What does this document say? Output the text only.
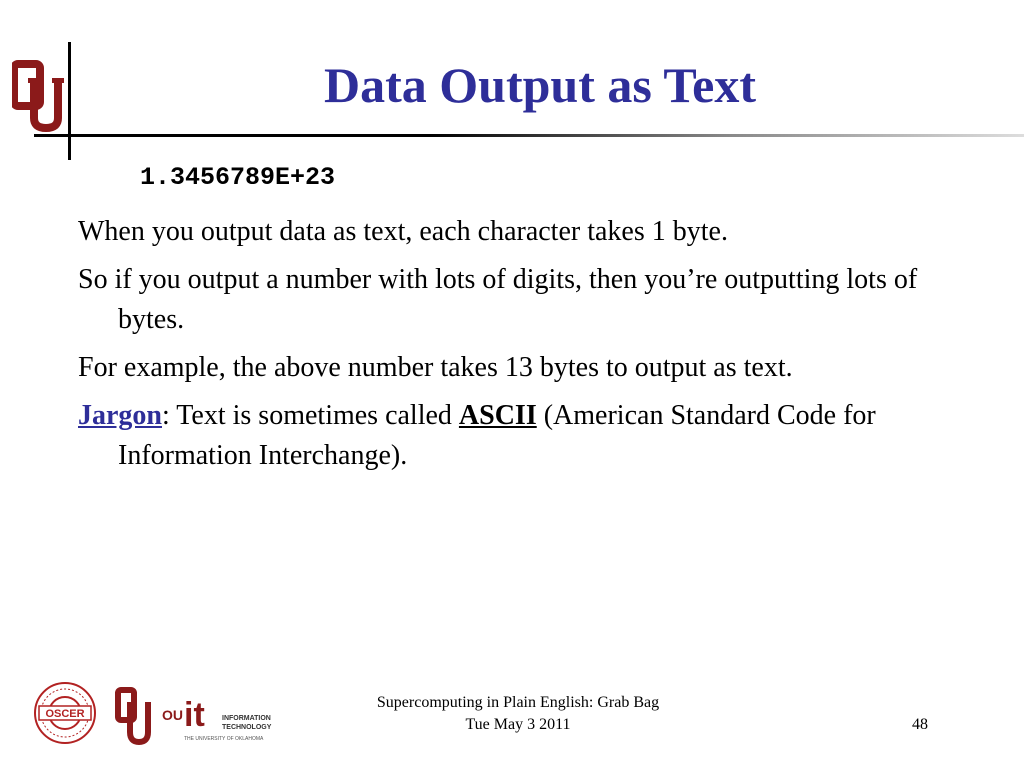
Data Output as Text
1.3456789E+23

When you output data as text, each character takes 1 byte.

So if you output a number with lots of digits, then you’re outputting lots of bytes.

For example, the above number takes 13 bytes to output as text.

Jargon: Text is sometimes called ASCII (American Standard Code for Information Interchange).

OSCER	OU it INFORMATION
TECHNOLOGY
THE UNIVERSITY OF OKLAHOMA
Supercomputing in Plain English: Grab Bag
Tue May 3 2011	48
